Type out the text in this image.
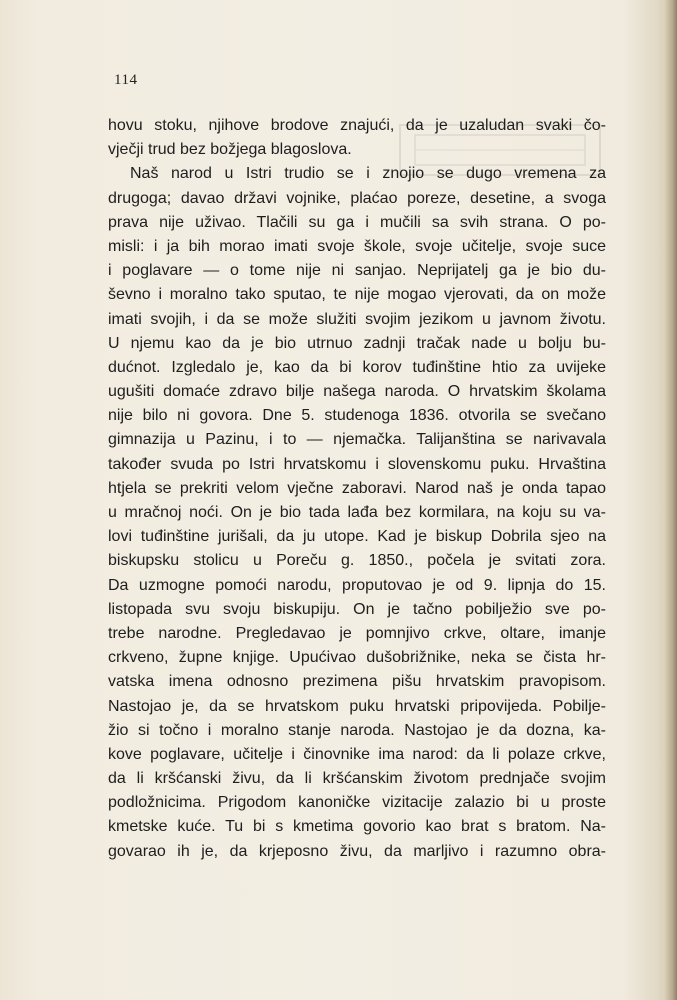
114
hovu stoku, njihove brodove znajući, da je uzaludan svaki čo-
vječji trud bez božjega blagoslova.
Naš narod u Istri trudio se i znojio se dugo vremena za
drugoga; davao državi vojnike, plaćao poreze, desetine, a svoga
prava nije uživao. Tlačili su ga i mučili sa svih strana. O po-
misli: i ja bih morao imati svoje škole, svoje učitelje, svoje suce
i poglavare — o tome nije ni sanjao. Neprijatelj ga je bio du-
ševno i moralno tako sputao, te nije mogao vjerovati, da on može
imati svojih, i da se može služiti svojim jezikom u javnom životu.
U njemu kao da je bio utrnuo zadnji tračak nade u bolju bu-
dućnot. Izgledalo je, kao da bi korov tuđinštine htio za uvijeke
ugušiti domaće zdravo bilje našega naroda. O hrvatskim školama
nije bilo ni govora. Dne 5. studenoga 1836. otvorila se svečano
gimnazija u Pazinu, i to — njemačka. Talijanština se narivavala
također svuda po Istri hrvatskomu i slovenskomu puku. Hrvaština
htjela se prekriti velom vječne zaboravi. Narod naš je onda tapao
u mračnoj noći. On je bio tada lađa bez kormilara, na koju su va-
lovi tuđinštine jurišali, da ju utope. Kad je biskup Dobrila sjeo na
biskupsku stolicu u Poreču g. 1850., počela je svitati zora.
Da uzmogne pomoći narodu, proputovao je od 9. lipnja do 15.
listopada svu svoju biskupiju. On je tačno pobilježio sve po-
trebe narodne. Pregledavao je pomnjivo crkve, oltare, imanje
crkveno, župne knjige. Upućivao dušobrižnike, neka se čista hr-
vatska imena odnosno prezimena pišu hrvatskim pravopisom.
Nastojao je, da se hrvatskom puku hrvatski pripovijeda. Pobilje-
žio si točno i moralno stanje naroda. Nastojao je da dozna, ka-
kove poglavare, učitelje i činovnike ima narod: da li polaze crkve,
da li kršćanski živu, da li kršćanskim životom prednjače svojim
podložnicima. Prigodom kanoničke vizitacije zalazio bi u proste
kmetske kuće. Tu bi s kmetima govorio kao brat s bratom. Na-
govarao ih je, da krjeposno živu, da marljivo i razumno obra-
